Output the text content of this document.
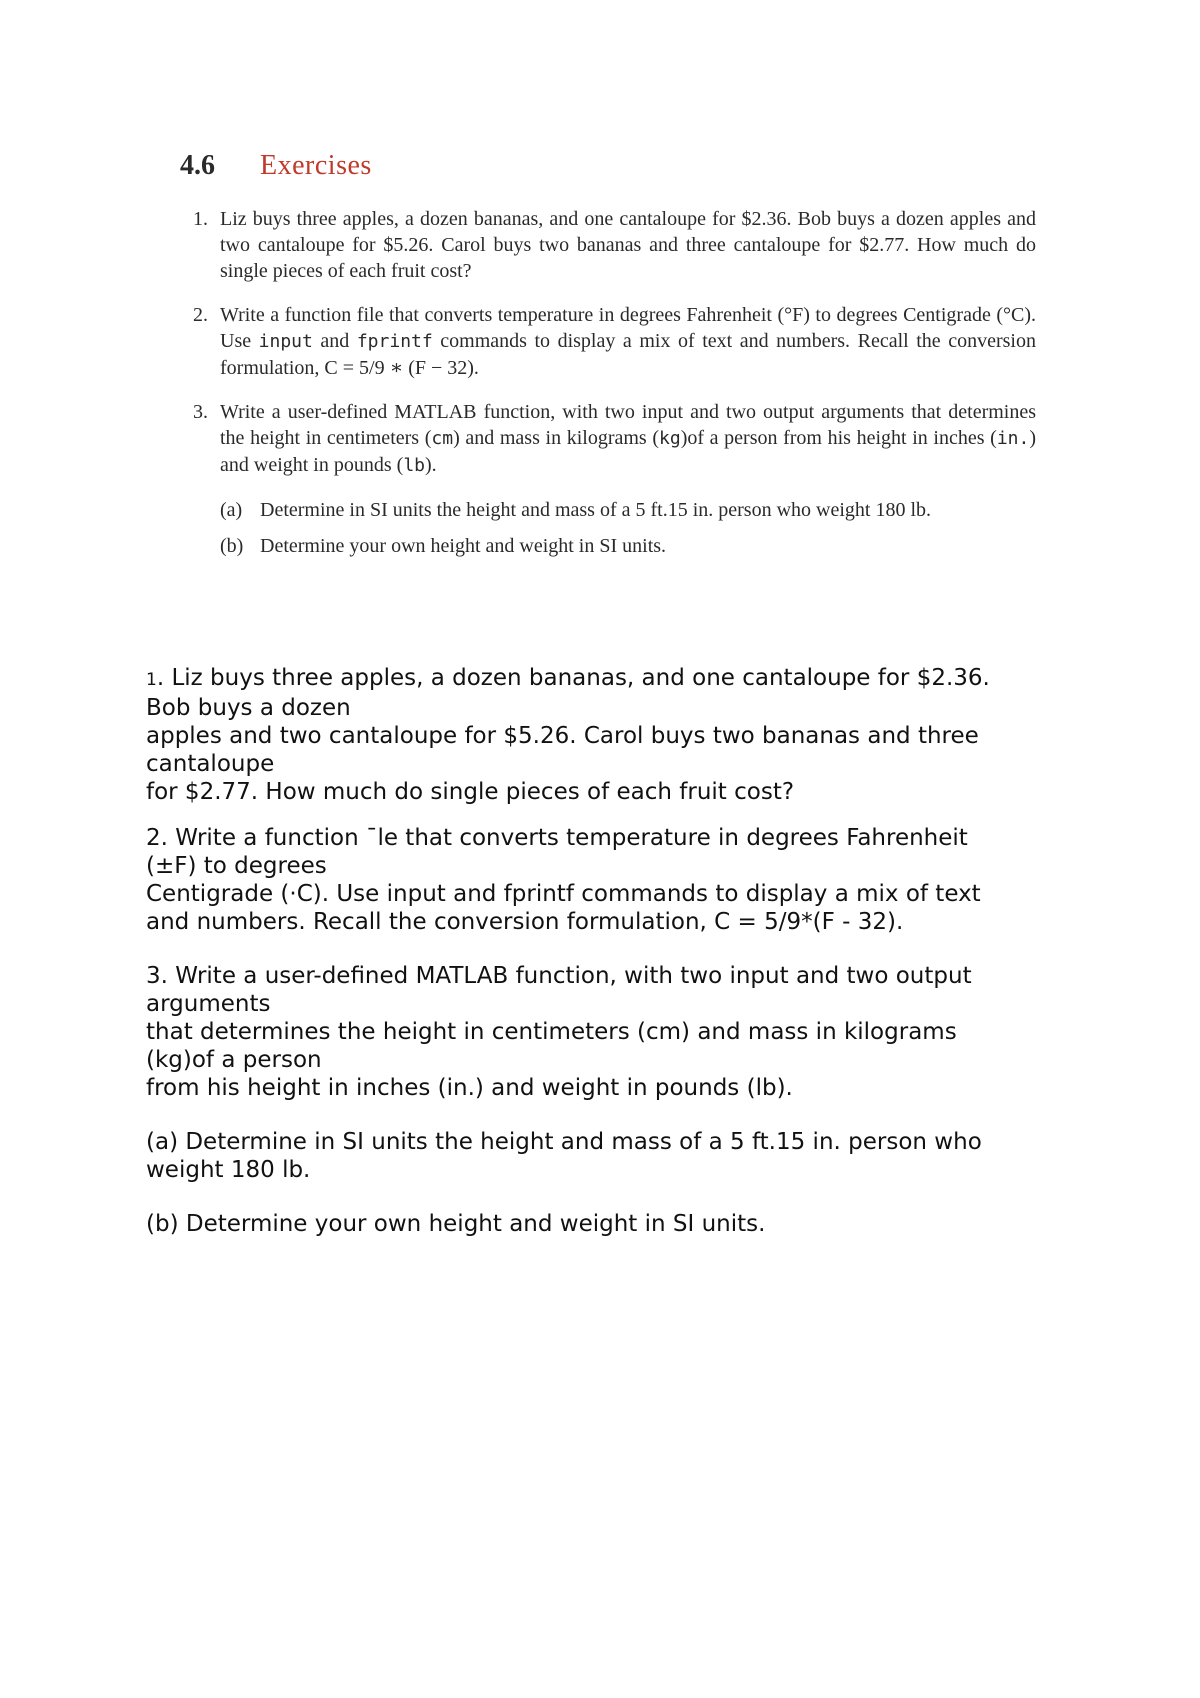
4.6	Exercises
1. Liz buys three apples, a dozen bananas, and one cantaloupe for $2.36. Bob buys a dozen apples and two cantaloupe for $5.26. Carol buys two bananas and three cantaloupe for $2.77. How much do single pieces of each fruit cost?
2. Write a function file that converts temperature in degrees Fahrenheit (°F) to degrees Centigrade (°C). Use input and fprintf commands to display a mix of text and numbers. Recall the conversion formulation, C = 5/9 ∗ (F − 32).
3. Write a user-defined MATLAB function, with two input and two output arguments that determines the height in centimeters (cm) and mass in kilograms (kg)of a person from his height in inches (in.) and weight in pounds (lb).
(a) Determine in SI units the height and mass of a 5 ft.15 in. person who weight 180 lb.
(b) Determine your own height and weight in SI units.

1. Liz buys three apples, a dozen bananas, and one cantaloupe for $2.36.
Bob buys a dozen
apples and two cantaloupe for $5.26. Carol buys two bananas and three
cantaloupe
for $2.77. How much do single pieces of each fruit cost?

2. Write a function ¯le that converts temperature in degrees Fahrenheit
(±F) to degrees
Centigrade (·C). Use input and fprintf commands to display a mix of text
and numbers. Recall the conversion formulation, C = 5/9*(F - 32).

3. Write a user-defined MATLAB function, with two input and two output
arguments
that determines the height in centimeters (cm) and mass in kilograms
(kg)of a person
from his height in inches (in.) and weight in pounds (lb).

(a) Determine in SI units the height and mass of a 5 ft.15 in. person who
weight 180 lb.

(b) Determine your own height and weight in SI units.
